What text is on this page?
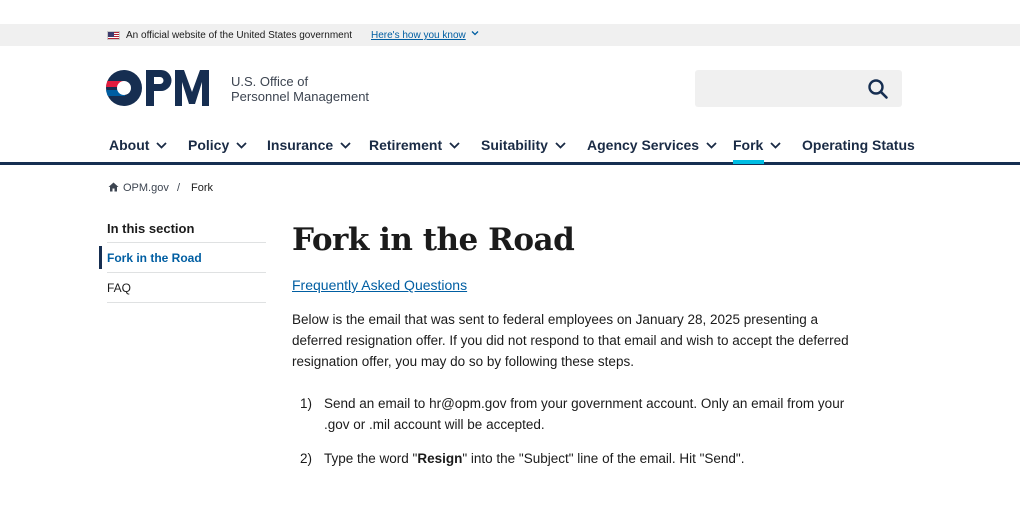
An official website of the United States government Here's how you know
OPM
U.S. Office of
Personnel Management
About	Policy	Insurance	Retirement	Suitability	Agency Services Fork	Operating Status
OPM.gov / Fork
In this section
Fork in the Road
FAQ
Fork in the Road
Frequently Asked Questions

Below is the email that was sent to federal employees on January 28, 2025 presenting a

deferred resignation offer. If you did not respond to that email and wish to accept the deferred

resignation offer, you may do so by following these steps.

1) Send an email to hr@opm.gov from your government account. Only an email from your
.gov or .mil account will be accepted.
2) Type the word "Resign" into the "Subject" line of the email. Hit "Send".
